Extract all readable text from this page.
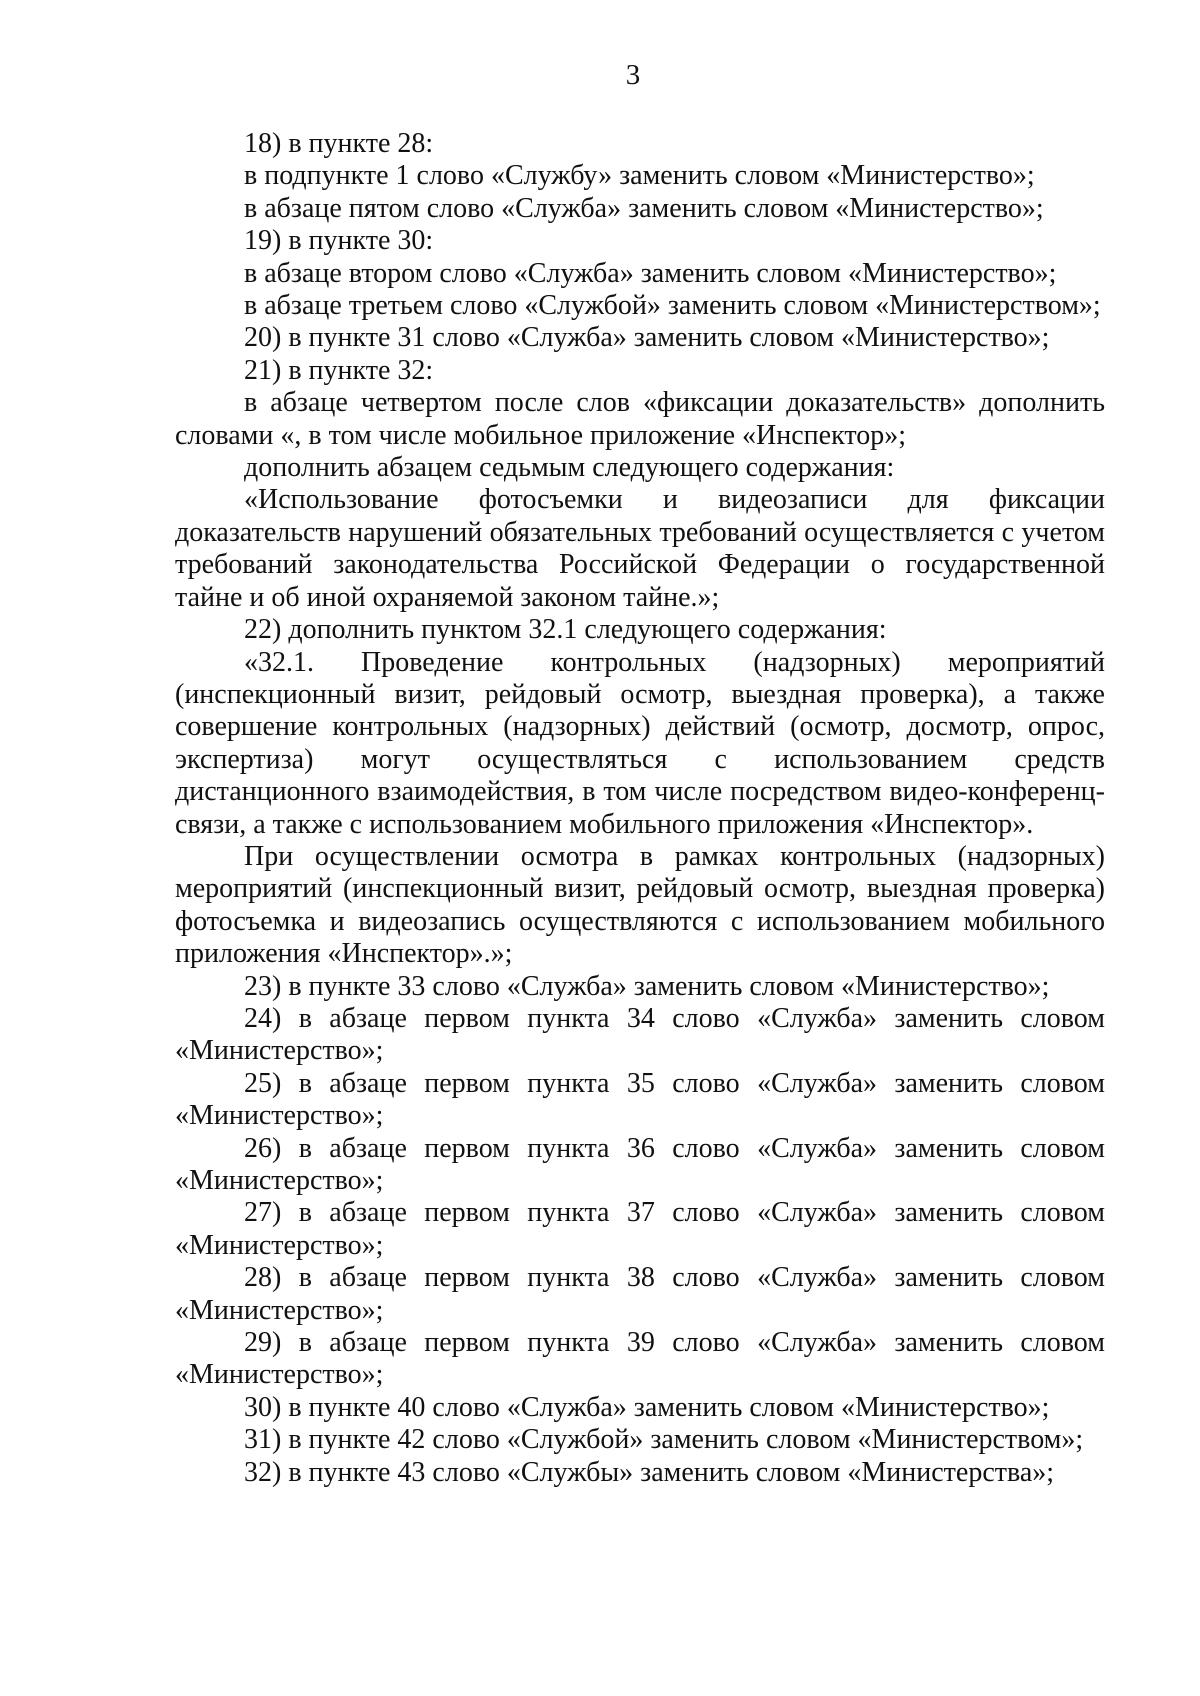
3

18) в пункте 28:

в подпункте 1 слово «Службу» заменить словом «Министерство»;

в абзаце пятом слово «Служба» заменить словом «Министерство»;

19) в пункте 30:

в абзаце втором слово «Служба» заменить словом «Министерство»;

в абзаце третьем слово «Службой» заменить словом «Министерством»;

20) в пункте 31 слово «Служба» заменить словом «Министерство»;

21) в пункте 32:

в абзаце четвертом после слов «фиксации доказательств» дополнить словами «, в том числе мобильное приложение «Инспектор»;

дополнить абзацем седьмым следующего содержания:

«Использование фотосъемки и видеозаписи для фиксации доказательств нарушений обязательных требований осуществляется с учетом требований законодательства Российской Федерации о государственной тайне и об иной охраняемой законом тайне.»;

22) дополнить пунктом 32.1 следующего содержания:

«32.1. Проведение контрольных (надзорных) мероприятий (инспекционный визит, рейдовый осмотр, выездная проверка), а также совершение контрольных (надзорных) действий (осмотр, досмотр, опрос, экспертиза) могут осуществляться с использованием средств дистанционного взаимодействия, в том числе посредством видео-конференц-связи, а также с использованием мобильного приложения «Инспектор».

При осуществлении осмотра в рамках контрольных (надзорных) мероприятий (инспекционный визит, рейдовый осмотр, выездная проверка) фотосъемка и видеозапись осуществляются с использованием мобильного приложения «Инспектор».»;

23) в пункте 33 слово «Служба» заменить словом «Министерство»;

24) в абзаце первом пункта 34 слово «Служба» заменить словом «Министерство»;

25) в абзаце первом пункта 35 слово «Служба» заменить словом «Министерство»;

26) в абзаце первом пункта 36 слово «Служба» заменить словом «Министерство»;

27) в абзаце первом пункта 37 слово «Служба» заменить словом «Министерство»;

28) в абзаце первом пункта 38 слово «Служба» заменить словом «Министерство»;

29) в абзаце первом пункта 39 слово «Служба» заменить словом «Министерство»;

30) в пункте 40 слово «Служба» заменить словом «Министерство»;

31) в пункте 42 слово «Службой» заменить словом «Министерством»;

32) в пункте 43 слово «Службы» заменить словом «Министерства»;
